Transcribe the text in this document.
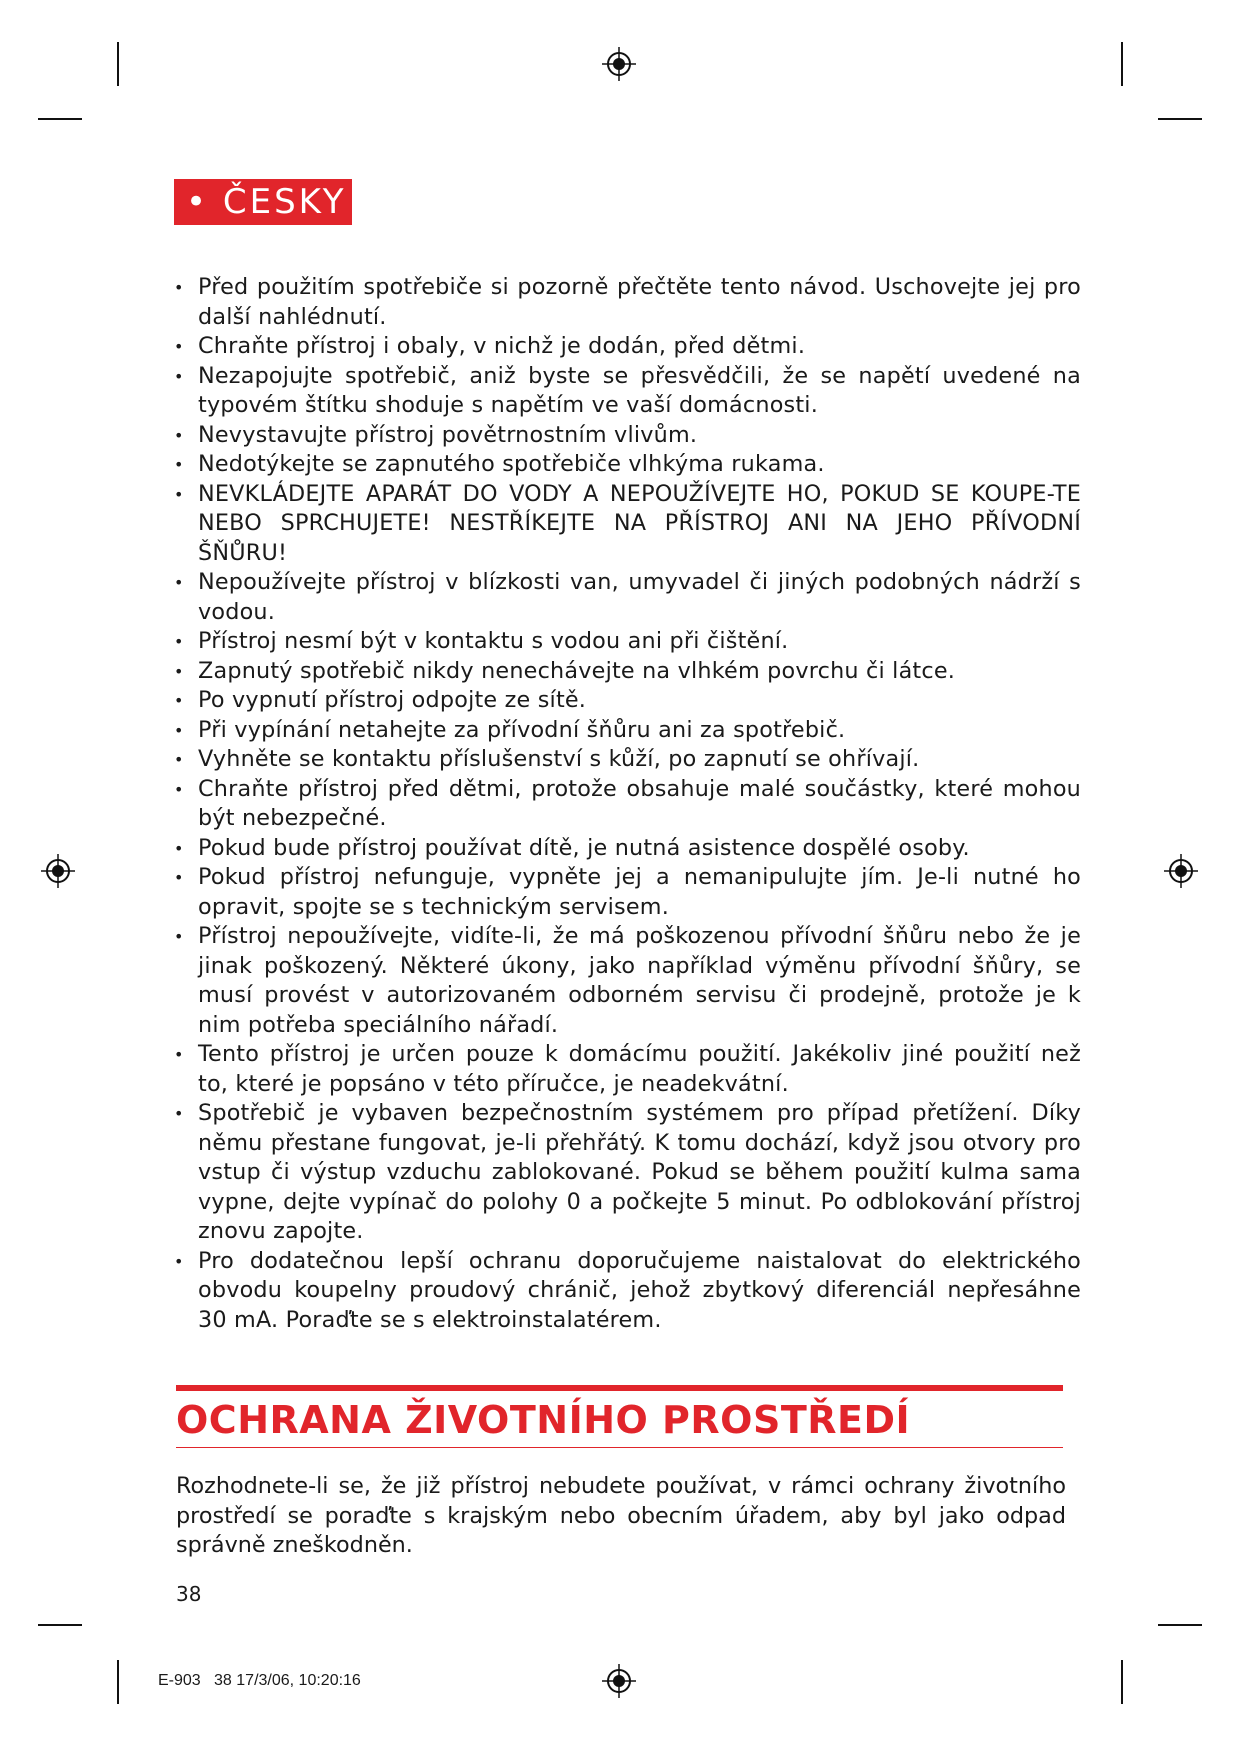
• ČESKY
• Před použitím spotřebiče si pozorně přečtěte tento návod. Uschovejte jej pro další nahlédnutí.
• Chraňte přístroj i obaly, v nichž je dodán, před dětmi.
• Nezapojujte spotřebič, aniž byste se přesvědčili, že se napětí uvedené na typovém štítku shoduje s napětím ve vaší domácnosti.
• Nevystavujte přístroj povětrnostním vlivům.
• Nedotýkejte se zapnutého spotřebiče vlhkýma rukama.
• NEVKLÁDEJTE APARÁT DO VODY A NEPOUŽÍVEJTE HO, POKUD SE KOUPE-TE NEBO SPRCHUJETE! NESTŘÍKEJTE NA PŘÍSTROJ ANI NA JEHO PŘÍVODNÍ ŠŇŮRU!
• Nepoužívejte přístroj v blízkosti van, umyvadel či jiných podobných nádrží s vodou.
• Přístroj nesmí být v kontaktu s vodou ani při čištění.
• Zapnutý spotřebič nikdy nenechávejte na vlhkém povrchu či látce.
• Po vypnutí přístroj odpojte ze sítě.
• Při vypínání netahejte za přívodní šňůru ani za spotřebič.
• Vyhněte se kontaktu příslušenství s kůží, po zapnutí se ohřívají.
• Chraňte přístroj před dětmi, protože obsahuje malé součástky, které mohou být nebezpečné.
• Pokud bude přístroj používat dítě, je nutná asistence dospělé osoby.
• Pokud přístroj nefunguje, vypněte jej a nemanipulujte jím. Je-li nutné ho opravit, spojte se s technickým servisem.
• Přístroj nepoužívejte, vidíte-li, že má poškozenou přívodní šňůru nebo že je jinak poškozený. Některé úkony, jako například výměnu přívodní šňůry, se musí provést v autorizovaném odborném servisu či prodejně, protože je k nim potřeba speciálního nářadí.
• Tento přístroj je určen pouze k domácímu použití. Jakékoliv jiné použití než to, které je popsáno v této příručce, je neadekvátní.
• Spotřebič je vybaven bezpečnostním systémem pro případ přetížení. Díky němu přestane fungovat, je-li přehřátý. K tomu dochází, když jsou otvory pro vstup či výstup vzduchu zablokované. Pokud se během použití kulma sama vypne, dejte vypínač do polohy 0 a počkejte 5 minut. Po odblokování přístroj znovu zapojte.
• Pro dodatečnou lepší ochranu doporučujeme naistalovat do elektrického obvodu koupelny proudový chránič, jehož zbytkový diferenciál nepřesáhne 30 mA. Poraďte se s elektroinstalatérem.
OCHRANA ŽIVOTNÍHO PROSTŘEDÍ

Rozhodnete-li se, že již přístroj nebudete používat, v rámci ochrany životního prostředí se poraďte s krajským nebo obecním úřadem, aby byl jako odpad správně zneškodněn.

38
E-903   38 17/3/06, 10:20:16
